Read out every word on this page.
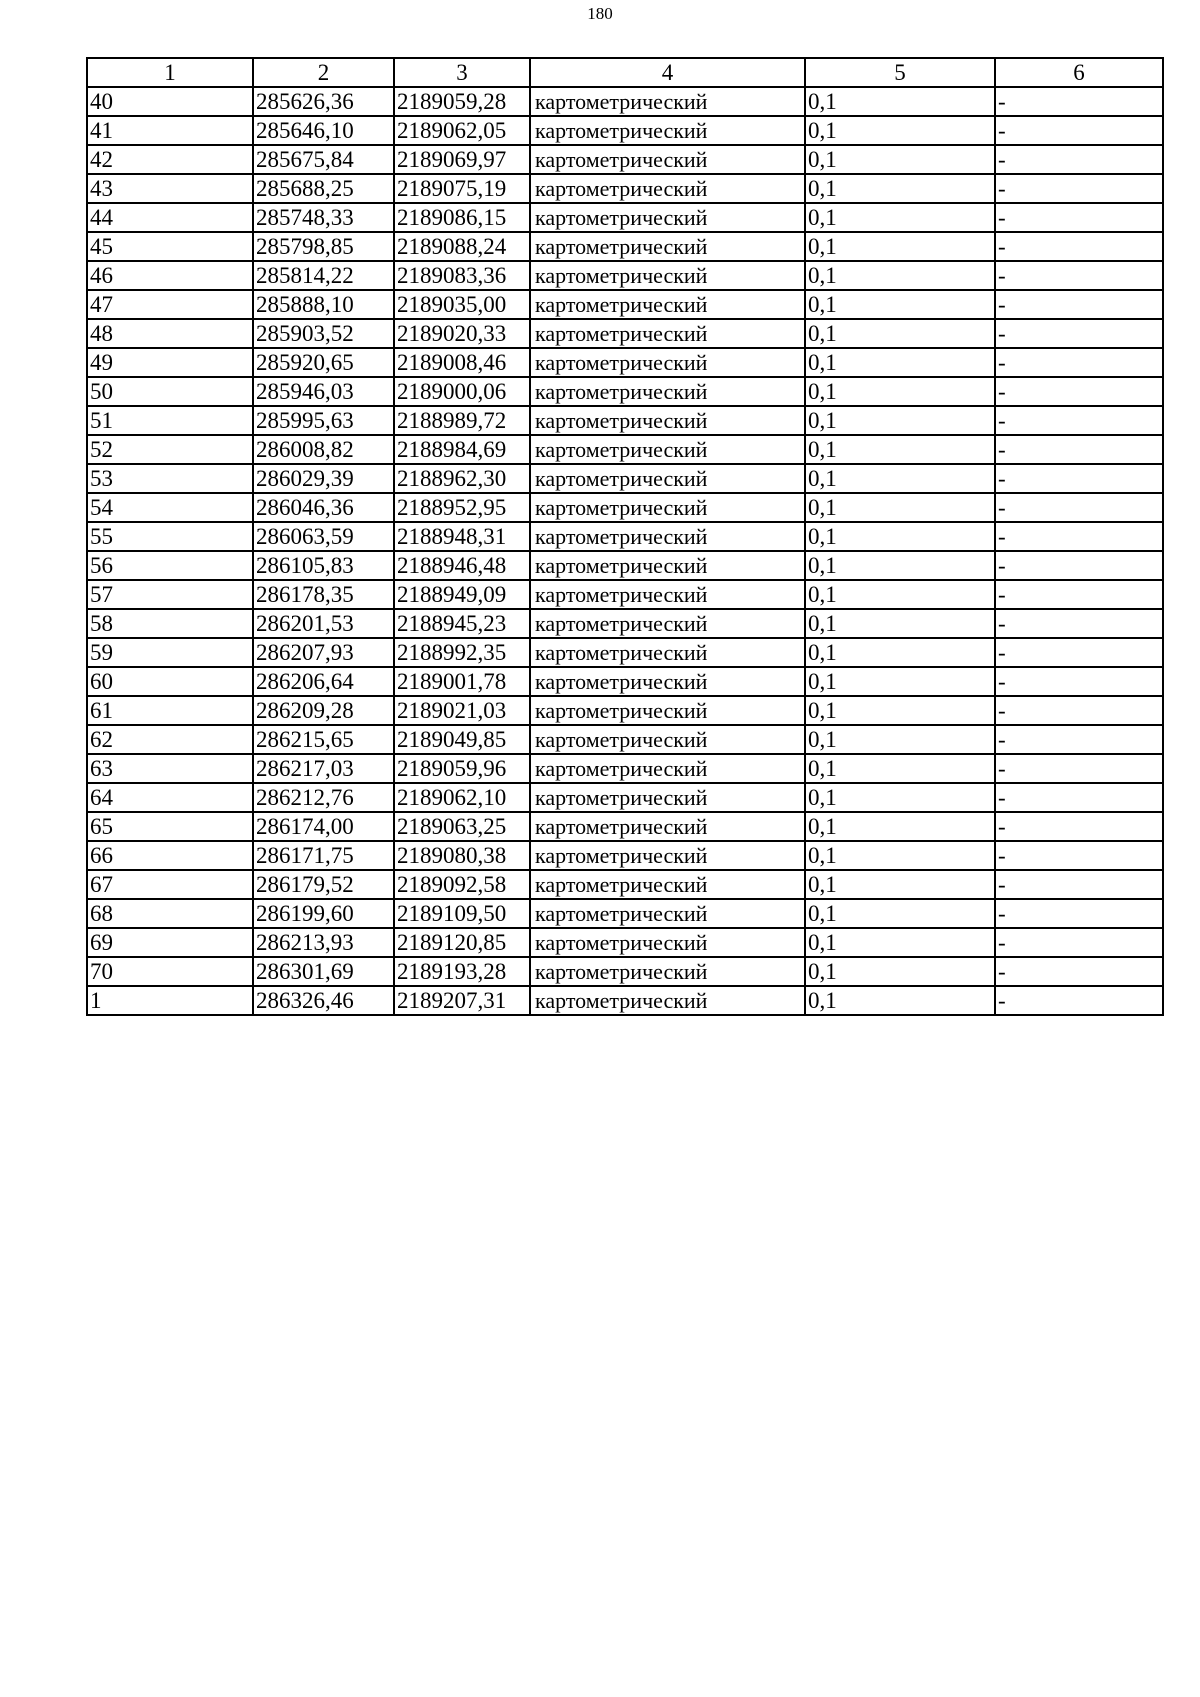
180
1	2	3	4	5	6
40	285626,36	2189059,28	картометрический	0,1	-
41	285646,10	2189062,05	картометрический	0,1	-
42	285675,84	2189069,97	картометрический	0,1	-
43	285688,25	2189075,19	картометрический	0,1	-
44	285748,33	2189086,15	картометрический	0,1	-
45	285798,85	2189088,24	картометрический	0,1	-
46	285814,22	2189083,36	картометрический	0,1	-
47	285888,10	2189035,00	картометрический	0,1	-
48	285903,52	2189020,33	картометрический	0,1	-
49	285920,65	2189008,46	картометрический	0,1	-
50	285946,03	2189000,06	картометрический	0,1	-
51	285995,63	2188989,72	картометрический	0,1	-
52	286008,82	2188984,69	картометрический	0,1	-
53	286029,39	2188962,30	картометрический	0,1	-
54	286046,36	2188952,95	картометрический	0,1	-
55	286063,59	2188948,31	картометрический	0,1	-
56	286105,83	2188946,48	картометрический	0,1	-
57	286178,35	2188949,09	картометрический	0,1	-
58	286201,53	2188945,23	картометрический	0,1	-
59	286207,93	2188992,35	картометрический	0,1	-
60	286206,64	2189001,78	картометрический	0,1	-
61	286209,28	2189021,03	картометрический	0,1	-
62	286215,65	2189049,85	картометрический	0,1	-
63	286217,03	2189059,96	картометрический	0,1	-
64	286212,76	2189062,10	картометрический	0,1	-
65	286174,00	2189063,25	картометрический	0,1	-
66	286171,75	2189080,38	картометрический	0,1	-
67	286179,52	2189092,58	картометрический	0,1	-
68	286199,60	2189109,50	картометрический	0,1	-
69	286213,93	2189120,85	картометрический	0,1	-
70	286301,69	2189193,28	картометрический	0,1	-
1	286326,46	2189207,31	картометрический	0,1	-
